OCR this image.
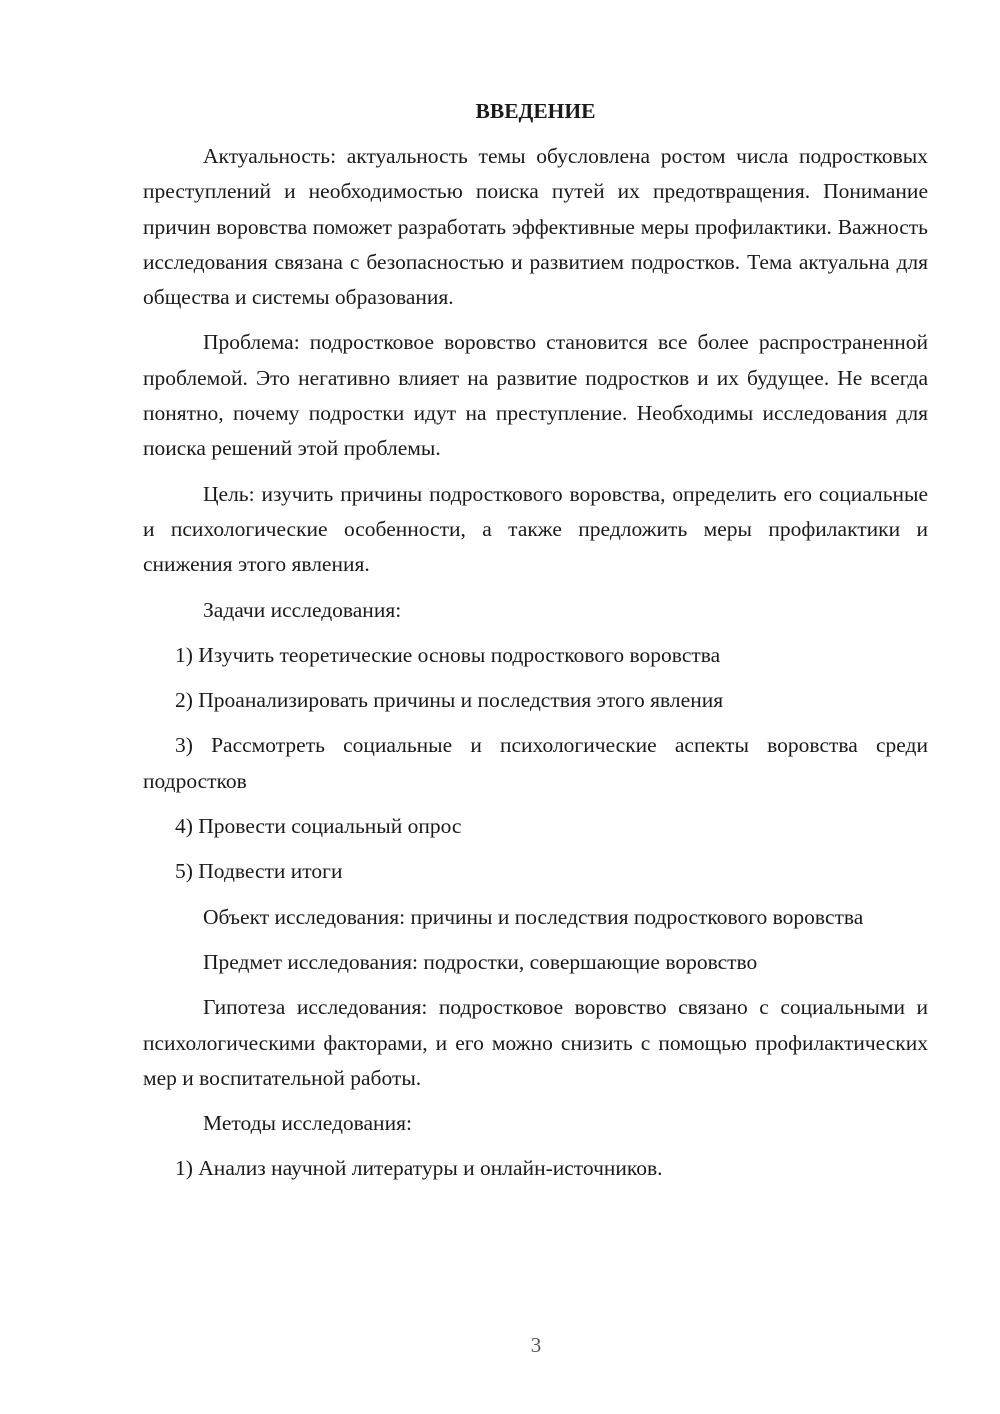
ВВЕДЕНИЕ

Актуальность: актуальность темы обусловлена ростом числа подростковых преступлений и необходимостью поиска путей их предотвращения. Понимание причин воровства поможет разработать эффективные меры профилактики. Важность исследования связана с безопасностью и развитием подростков. Тема актуальна для общества и системы образования.

Проблема: подростковое воровство становится все более распространенной проблемой. Это негативно влияет на развитие подростков и их будущее. Не всегда понятно, почему подростки идут на преступление. Необходимы исследования для поиска решений этой проблемы.

Цель: изучить причины подросткового воровства, определить его социальные и психологические особенности, а также предложить меры профилактики и снижения этого явления.

Задачи исследования:

1) Изучить теоретические основы подросткового воровства

2) Проанализировать причины и последствия этого явления

3) Рассмотреть социальные и психологические аспекты воровства среди подростков

4) Провести социальный опрос

5) Подвести итоги

Объект исследования: причины и последствия подросткового воровства

Предмет исследования: подростки, совершающие воровство

Гипотеза исследования: подростковое воровство связано с социальными и психологическими факторами, и его можно снизить с помощью профилактических мер и воспитательной работы.

Методы исследования:

1) Анализ научной литературы и онлайн-источников.

3
